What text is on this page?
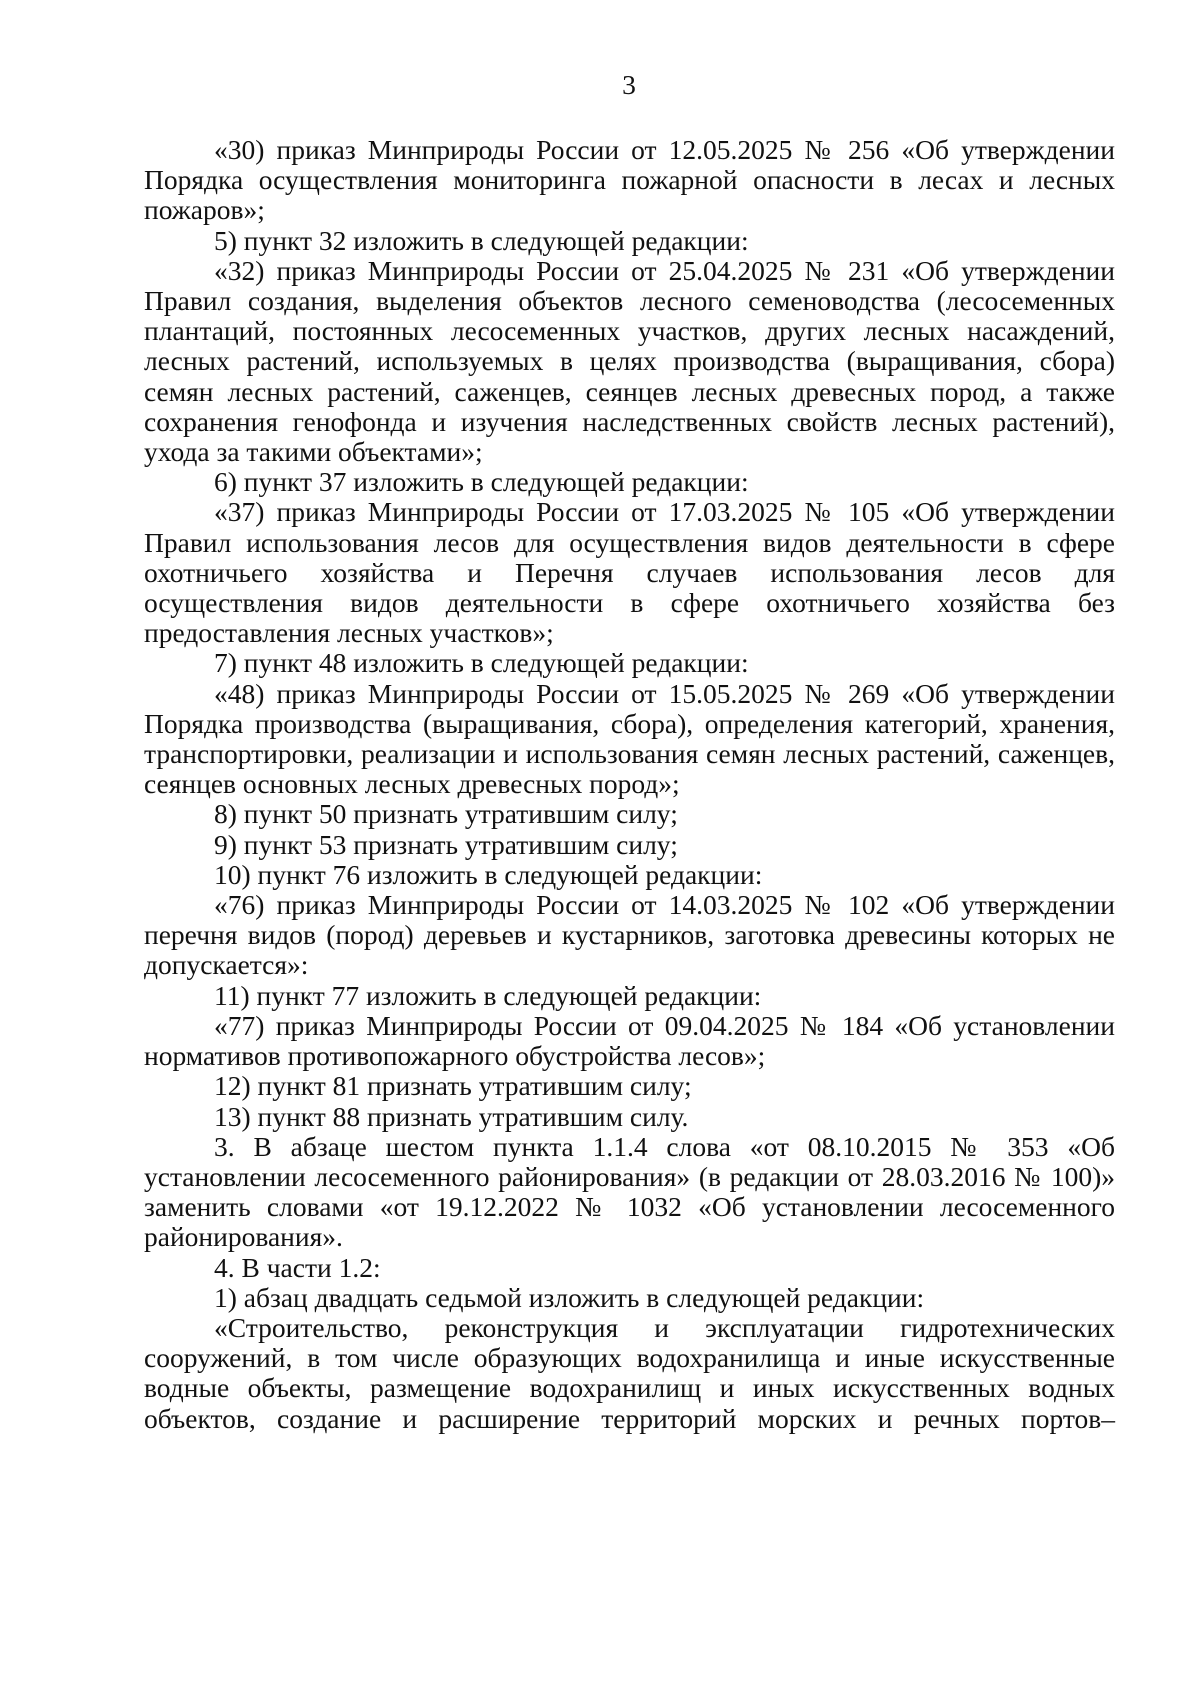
3

«30) приказ Минприроды России от 12.05.2025 № 256 «Об утверждении Порядка осуществления мониторинга пожарной опасности в лесах и лесных пожаров»;

5) пункт 32 изложить в следующей редакции:

«32) приказ Минприроды России от 25.04.2025 № 231 «Об утверждении Правил создания, выделения объектов лесного семеноводства (лесосеменных плантаций, постоянных лесосеменных участков, других лесных насаждений, лесных растений, используемых в целях производства (выращивания, сбора) семян лесных растений, саженцев, сеянцев лесных древесных пород, а также сохранения генофонда и изучения наследственных свойств лесных растений), ухода за такими объектами»;

6) пункт 37 изложить в следующей редакции:

«37) приказ Минприроды России от 17.03.2025 № 105 «Об утверждении Правил использования лесов для осуществления видов деятельности в сфере охотничьего хозяйства и Перечня случаев использования лесов для осуществления видов деятельности в сфере охотничьего хозяйства без предоставления лесных участков»;

7) пункт 48 изложить в следующей редакции:

«48) приказ Минприроды России от 15.05.2025 № 269 «Об утверждении Порядка производства (выращивания, сбора), определения категорий, хранения, транспортировки, реализации и использования семян лесных растений, саженцев, сеянцев основных лесных древесных пород»;

8) пункт 50 признать утратившим силу;

9) пункт 53 признать утратившим силу;

10) пункт 76 изложить в следующей редакции:

«76) приказ Минприроды России от 14.03.2025 № 102 «Об утверждении перечня видов (пород) деревьев и кустарников, заготовка древесины которых не допускается»:

11) пункт 77 изложить в следующей редакции:

«77) приказ Минприроды России от 09.04.2025 № 184 «Об установлении нормативов противопожарного обустройства лесов»;

12) пункт 81 признать утратившим силу;

13) пункт 88 признать утратившим силу.

3. В абзаце шестом пункта 1.1.4 слова «от 08.10.2015 № 353 «Об установлении лесосеменного районирования» (в редакции от 28.03.2016 № 100)» заменить словами «от 19.12.2022 № 1032 «Об установлении лесосеменного районирования».

4. В части 1.2:

1) абзац двадцать седьмой изложить в следующей редакции:

«Строительство, реконструкция и эксплуатации гидротехнических сооружений, в том числе образующих водохранилища и иные искусственные водные объекты, размещение водохранилищ и иных искусственных водных объектов, создание и расширение территорий морских и речных портов–
